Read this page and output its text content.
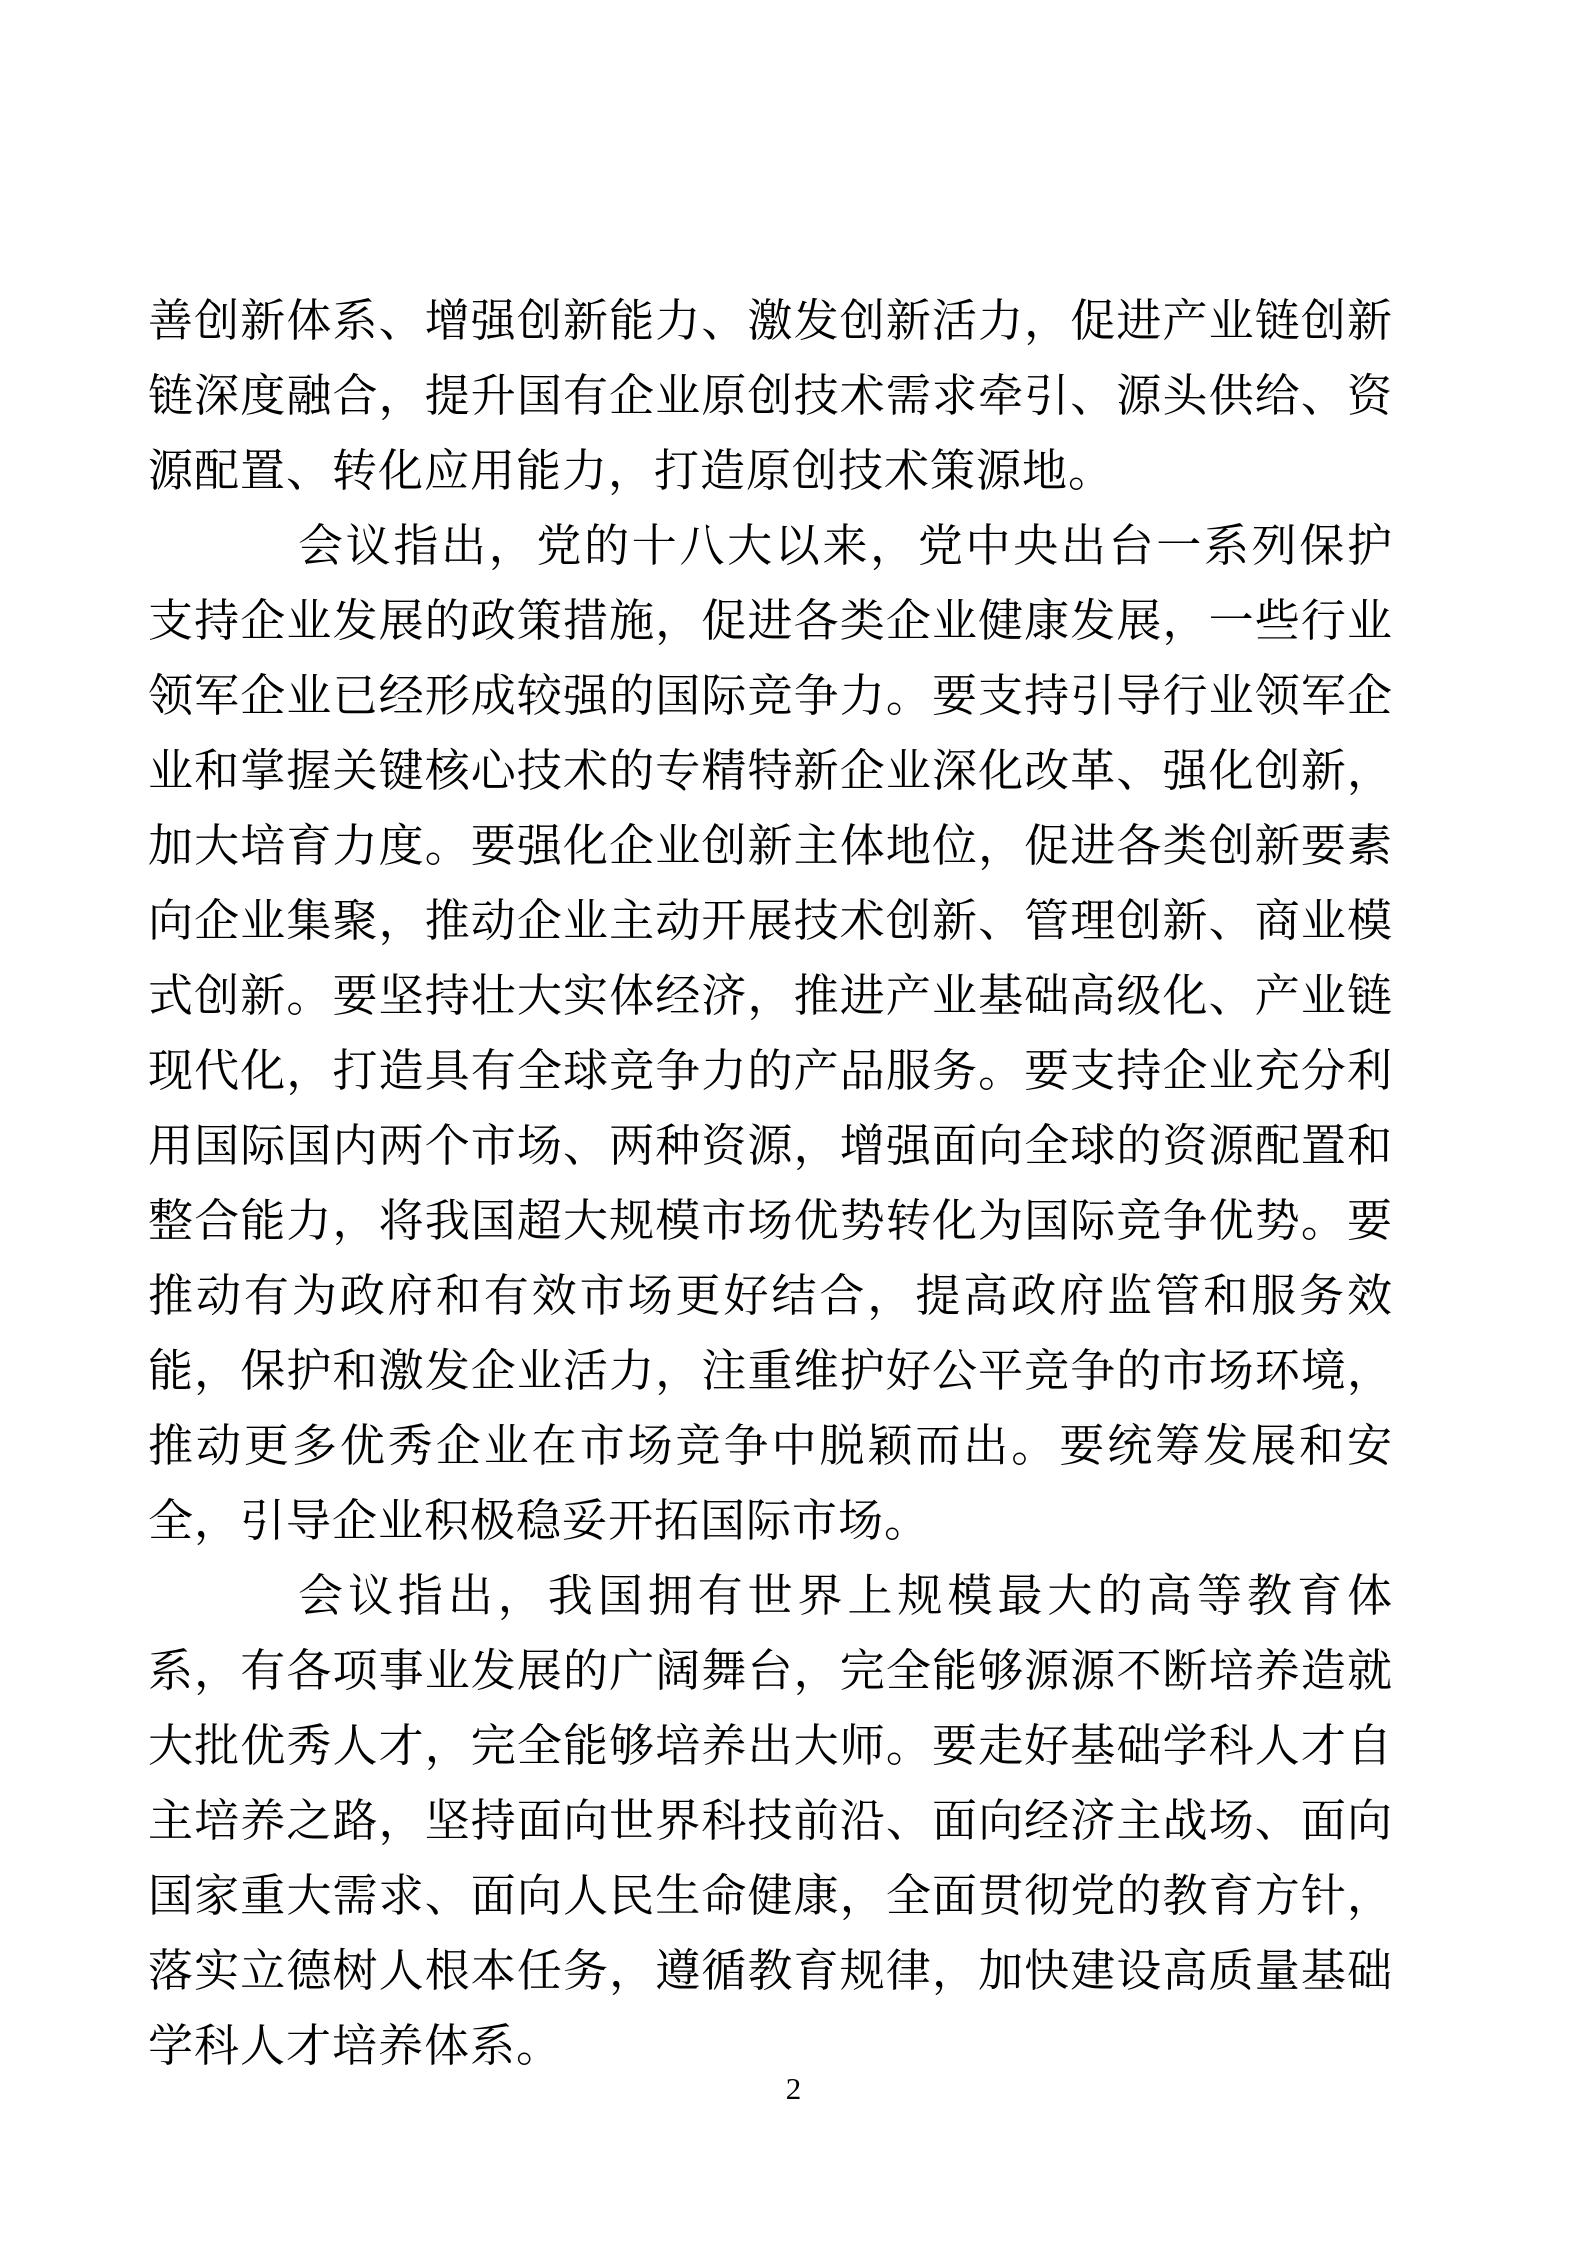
善创新体系、增强创新能力、激发创新活力，促进产业链创新链深度融合，提升国有企业原创技术需求牵引、源头供给、资源配置、转化应用能力，打造原创技术策源地。

会议指出，党的十八大以来，党中央出台一系列保护支持企业发展的政策措施，促进各类企业健康发展，一些行业领军企业已经形成较强的国际竞争力。要支持引导行业领军企业和掌握关键核心技术的专精特新企业深化改革、强化创新，加大培育力度。要强化企业创新主体地位，促进各类创新要素向企业集聚，推动企业主动开展技术创新、管理创新、商业模式创新。要坚持壮大实体经济，推进产业基础高级化、产业链现代化，打造具有全球竞争力的产品服务。要支持企业充分利用国际国内两个市场、两种资源，增强面向全球的资源配置和整合能力，将我国超大规模市场优势转化为国际竞争优势。要推动有为政府和有效市场更好结合，提高政府监管和服务效能，保护和激发企业活力，注重维护好公平竞争的市场环境，推动更多优秀企业在市场竞争中脱颖而出。要统筹发展和安全，引导企业积极稳妥开拓国际市场。

会议指出，我国拥有世界上规模最大的高等教育体系，有各项事业发展的广阔舞台，完全能够源源不断培养造就大批优秀人才，完全能够培养出大师。要走好基础学科人才自主培养之路，坚持面向世界科技前沿、面向经济主战场、面向国家重大需求、面向人民生命健康，全面贯彻党的教育方针，落实立德树人根本任务，遵循教育规律，加快建设高质量基础学科人才培养体系。

2
